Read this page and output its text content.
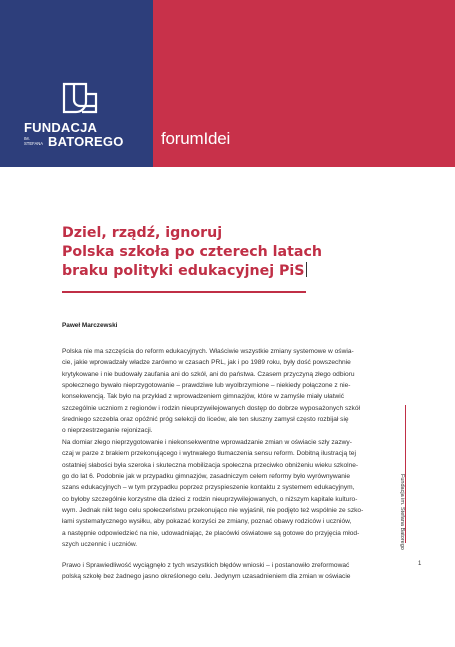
FUNDACJA
IM. STEFANA BATOREGO forumIdei
Dziel, rządź, ignoruj
Polska szkoła po czterech latach
braku polityki edukacyjnej PiS
Paweł Marczewski
Polska nie ma szczęścia do reform edukacyjnych. Właściwie wszystkie zmiany systemowe w oświa-
cie, jakie wprowadzały władze zarówno w czasach PRL, jak i po 1989 roku, były dość powszechnie
krytykowane i nie budowały zaufania ani do szkół, ani do państwa. Czasem przyczyną złego odbioru
społecznego bywało nieprzygotowanie – prawdziwe lub wyolbrzymione – niekiedy połączone z nie-
konsekwencją. Tak było na przykład z wprowadzeniem gimnazjów, które w zamyśle miały ułatwić
szczególnie uczniom z regionów i rodzin nieuprzywilejowanych dostęp do dobrze wyposażonych szkół
średniego szczebla oraz opóźnić próg selekcji do liceów, ale ten słuszny zamysł często rozbijał się
o nieprzestrzeganie rejonizacji.
Na domiar złego nieprzygotowanie i niekonsekwentne wprowadzanie zmian w oświacie szły zazwy-
czaj w parze z brakiem przekonującego i wytrwałego tłumaczenia sensu reform. Dobitną ilustracją tej
ostatniej słabości była szeroka i skuteczna mobilizacja społeczna przeciwko obniżeniu wieku szkolne-
go do lat 6. Podobnie jak w przypadku gimnazjów, zasadniczym celem reformy było wyrównywanie
szans edukacyjnych – w tym przypadku poprzez przyspieszenie kontaktu z systemem edukacyjnym,
co byłoby szczególnie korzystne dla dzieci z rodzin nieuprzywilejowanych, o niższym kapitale kulturo-
wym. Jednak nikt tego celu społeczeństwu przekonująco nie wyjaśnił, nie podjęto też wspólnie ze szko-
łami systematycznego wysiłku, aby pokazać korzyści ze zmiany, poznać obawy rodziców i uczniów,
a następnie odpowiedzieć na nie, udowadniając, że placówki oświatowe są gotowe do przyjęcia młod-
szych uczennic i uczniów.
Prawo i Sprawiedliwość wyciągnęło z tych wszystkich błędów wnioski – i postanowiło zreformować
polską szkołę bez żadnego jasno określonego celu. Jedynym uzasadnieniem dla zmian w oświacie
Fundacja im. Stefana Batorego
1
